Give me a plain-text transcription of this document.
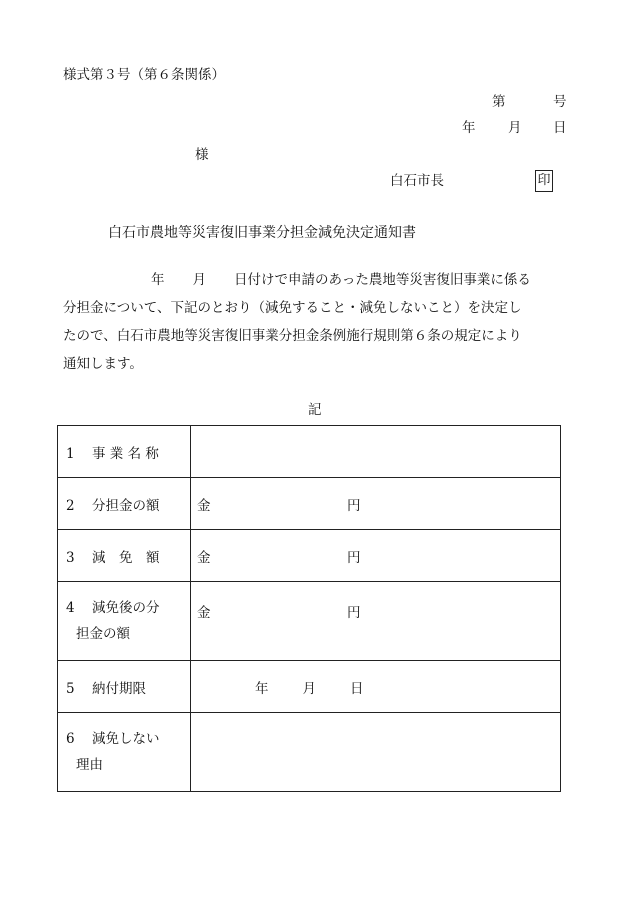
様式第３号（第６条関係）
第	号
年 月 日
様
白石市長	印
白石市農地等災害復旧事業分担金減免決定通知書
年 月 日付けで申請のあった農地等災害復旧事業に係る
分担金について、下記のとおり（減免すること・減免しないこと）を決定し
たので、白石市農地等災害復旧事業分担金条例施行規則第６条の規定により
通知します。
記
1 事 業 名 称	
2 分担金の額	金 円

3 減　免　額	金 円

4 減免後の分
担金の額	金 円

5 納付期限	年 月 日

6 減免しない
理由	
